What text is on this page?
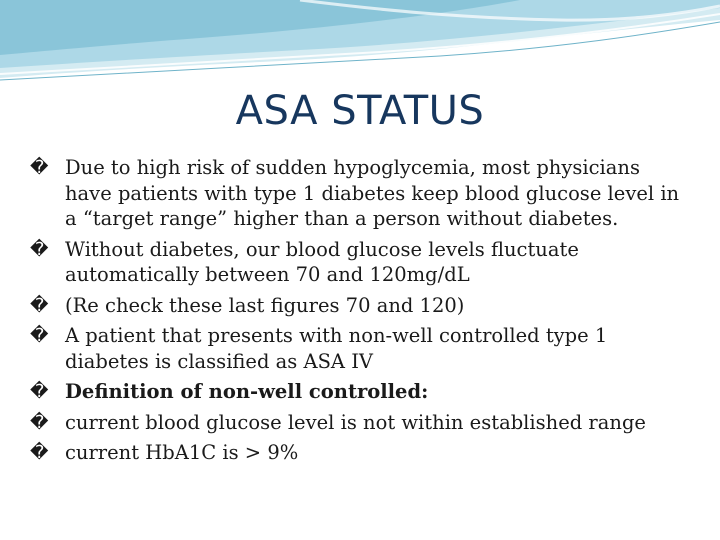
ASA STATUS
� Due to high risk of sudden hypoglycemia, most physicians have patients with type 1 diabetes keep blood glucose level in a “target range” higher than a person without diabetes.
� Without diabetes, our blood glucose levels fluctuate automatically between 70 and 120mg/dL
� (Re check these last figures 70 and 120)
� A patient that presents with non-well controlled type 1 diabetes is classified as ASA IV
� Definition of non-well controlled:
� current blood glucose level is not within established range
� current HbA1C is > 9%
